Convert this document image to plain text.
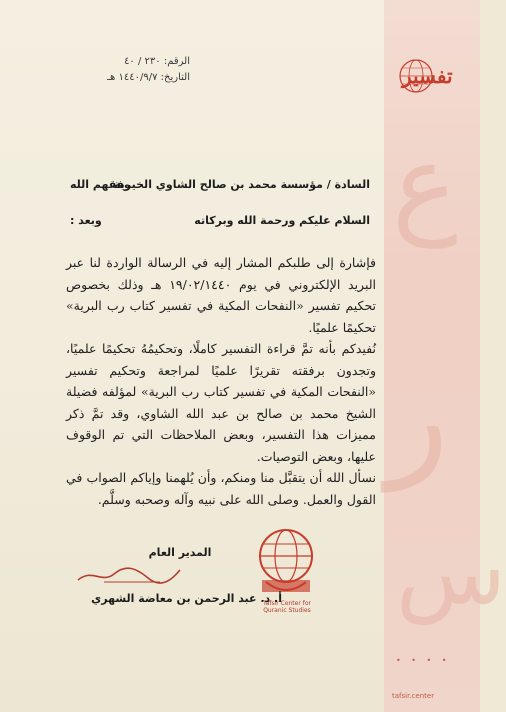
ع
ر
س
تفسير
• • • •
tafsir.center
الرقم: ٢٣٠ / ٤٠
التاريخ: ١٤٤٠/٩/٧ هـ
السادة / مؤسسة محمد بن صالح الشاوي الخيرية
وفقهم الله
السلام عليكم ورحمة الله وبركاته
وبعد :

فإشارة إلى طلبكم المشار إليه في الرسالة الواردة لنا عبر البريد الإلكتروني في يوم ١٩/٠٢/١٤٤٠ هـ وذلك بخصوص تحكيم تفسير «النفحات المكية في تفسير كتاب رب البرية» تحكيمًا علميًا.

نُفيدكم بأنه تمَّ قراءة التفسير كاملًا، وتحكيمُهُ تحكيمًا علميًا، وتجدون برفقته تقريرًا علميًا لمراجعة وتحكيم تفسير «النفحات المكية في تفسير كتاب رب البرية» لمؤلفه فضيلة الشيخ محمد بن صالح بن عبد الله الشاوي، وقد تمَّ ذكر مميزات هذا التفسير، وبعض الملاحظات التي تم الوقوف عليها، وبعض التوصيات.

نسأل الله أن يتقبَّل منا ومنكم، وأن يُلهمنا وإياكم الصواب في القول والعمل. وصلى الله على نبيه وآله وصحبه وسلَّم.

Tafsir Center for Quranic Studies
المدير العام
أ. د. عبد الرحمن بن معاضة الشهري
